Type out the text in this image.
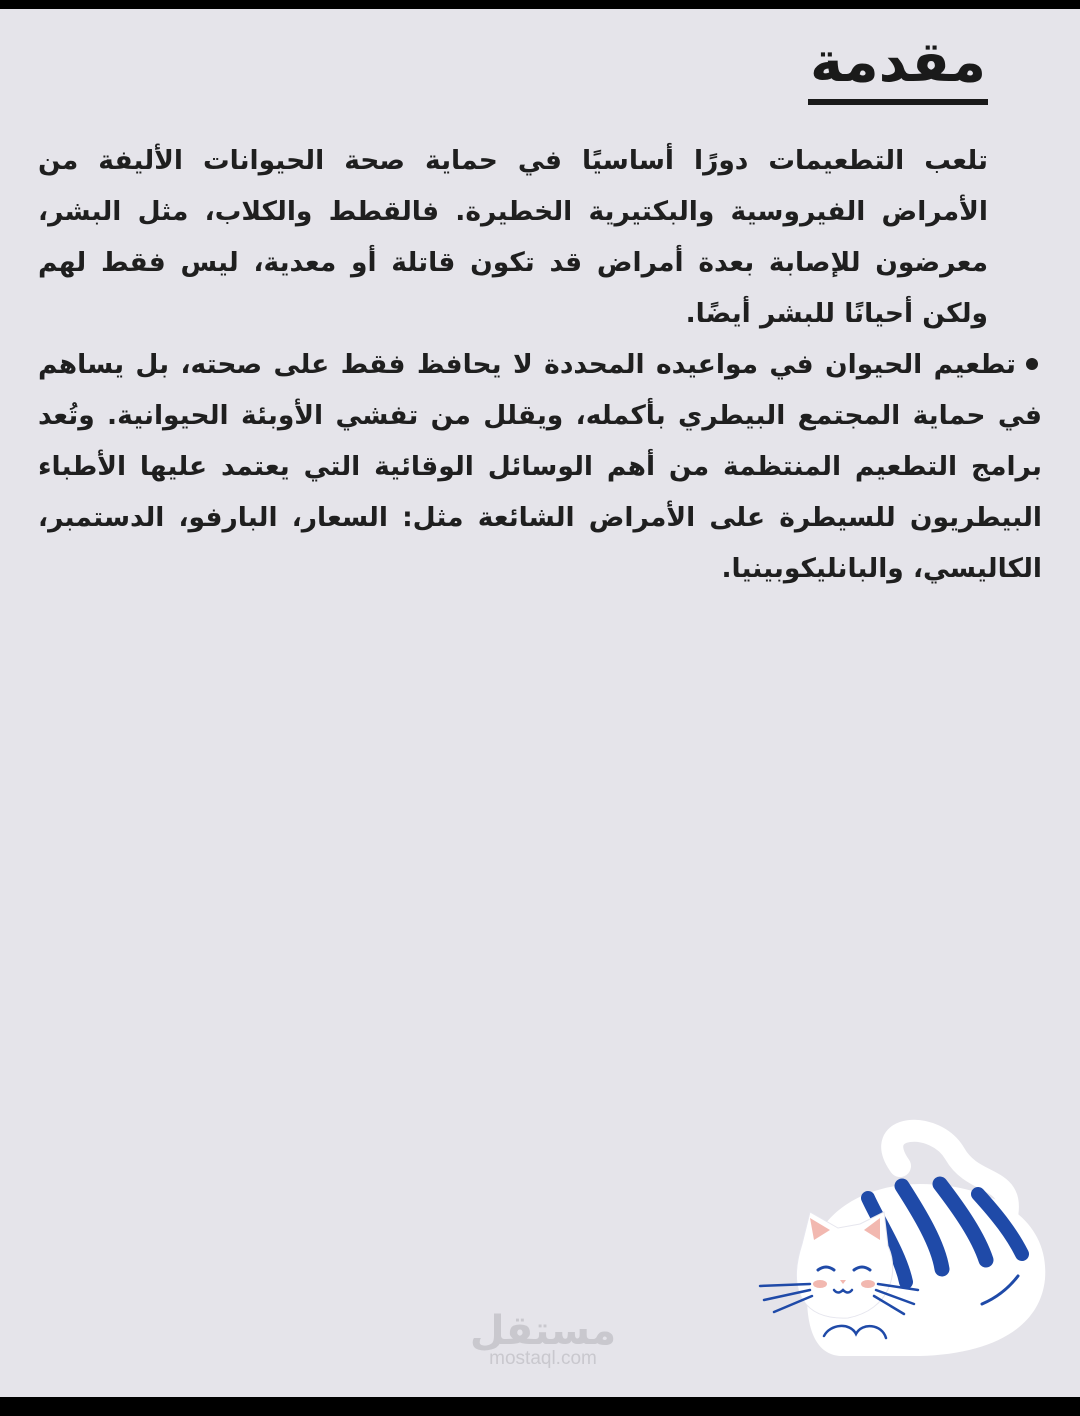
مقدمة

تلعب التطعيمات دورًا أساسيًا في حماية صحة الحيوانات الأليفة من الأمراض الفيروسية والبكتيرية الخطيرة. فالقطط والكلاب، مثل البشر، معرضون للإصابة بعدة أمراض قد تكون قاتلة أو معدية، ليس فقط لهم ولكن أحيانًا للبشر أيضًا.

تطعيم الحيوان في مواعيده المحددة لا يحافظ فقط على صحته، بل يساهم في حماية المجتمع البيطري بأكمله، ويقلل من تفشي الأوبئة الحيوانية. وتُعد برامج التطعيم المنتظمة من أهم الوسائل الوقائية التي يعتمد عليها الأطباء البيطريون للسيطرة على الأمراض الشائعة مثل: السعار، البارفو، الدستمبر، الكاليسي، والبانليكوبينيا.
مستقل
mostaql.com
